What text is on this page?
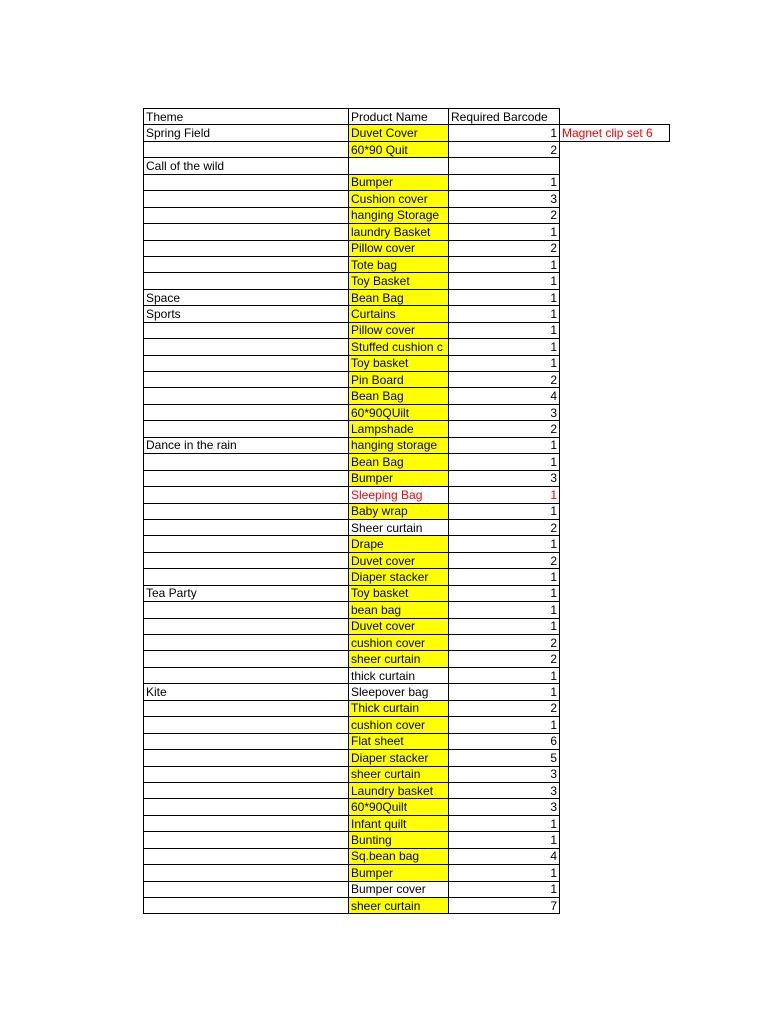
Theme	Product Name	Required Barcode	
Spring Field	Duvet Cover	1	Magnet clip set 6
	60*90 Quit	2	
Call of the wild			
	Bumper	1	
	Cushion cover	3	
	hanging Storage	2	
	laundry Basket	1	
	Pillow cover	2	
	Tote bag	1	
	Toy Basket	1	
Space	Bean Bag	1	
Sports	Curtains	1	
	Pillow cover	1	
	Stuffed cushion c	1	
	Toy basket	1	
	Pin Board	2	
	Bean Bag	4	
	60*90QUilt	3	
	Lampshade	2	
Dance in the rain	hanging storage	1	
	Bean Bag	1	
	Bumper	3	
	Sleeping Bag	1	
	Baby wrap	1	
	Sheer curtain	2	
	Drape	1	
	Duvet cover	2	
	Diaper stacker	1	
Tea Party	Toy basket	1	
	bean bag	1	
	Duvet cover	1	
	cushion cover	2	
	sheer curtain	2	
	thick curtain	1	
Kite	Sleepover bag	1	
	Thick curtain	2	
	cushion cover	1	
	Flat sheet	6	
	Diaper stacker	5	
	sheer curtain	3	
	Laundry basket	3	
	60*90Quilt	3	
	Infant quilt	1	
	Bunting	1	
	Sq.bean bag	4	
	Bumper	1	
	Bumper cover	1	
	sheer curtain	7	
